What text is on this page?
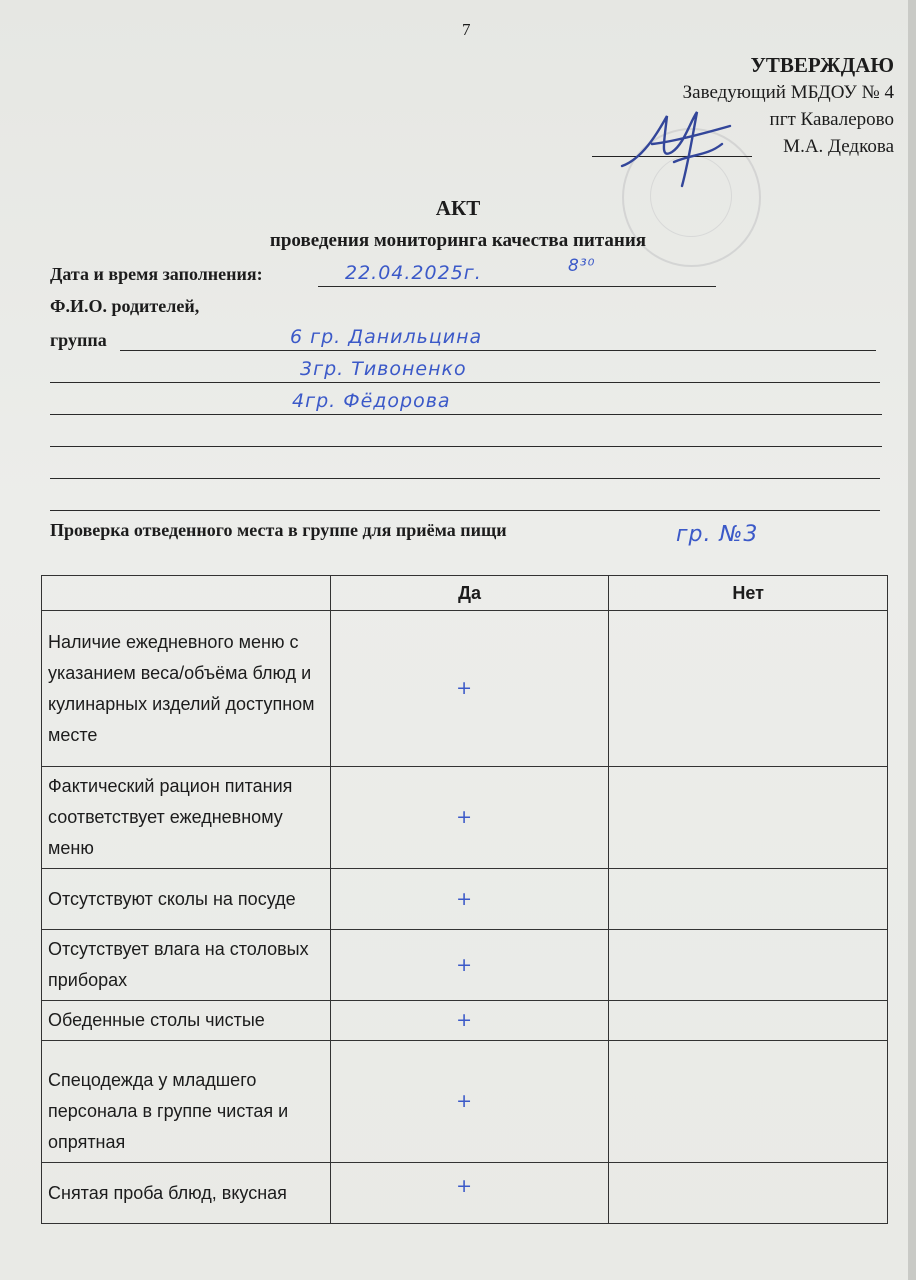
7
УТВЕРЖДАЮ
Заведующий МБДОУ № 4
пгт Кавалерово
М.А. Дедкова
АКТ
проведения мониторинга качества питания
Дата и время заполнения:	22.04.2025г.	8³⁰
Ф.И.О. родителей,
группа	6 гр. Данильцина
3гр. Тивоненко
4гр. Фёдорова
Проверка отведенного места в группе для приёма пищи	гр. №3
	Да	Нет
Наличие ежедневного меню с указанием веса/объёма блюд и кулинарных изделий доступном месте	+	
Фактический рацион питания соответствует ежедневному меню	+	
Отсутствуют сколы на посуде	+	
Отсутствует влага на столовых приборах	+	
Обеденные столы чистые	+	
Спецодежда у младшего персонала в группе чистая и опрятная	+	
Снятая проба блюд, вкусная	+	
